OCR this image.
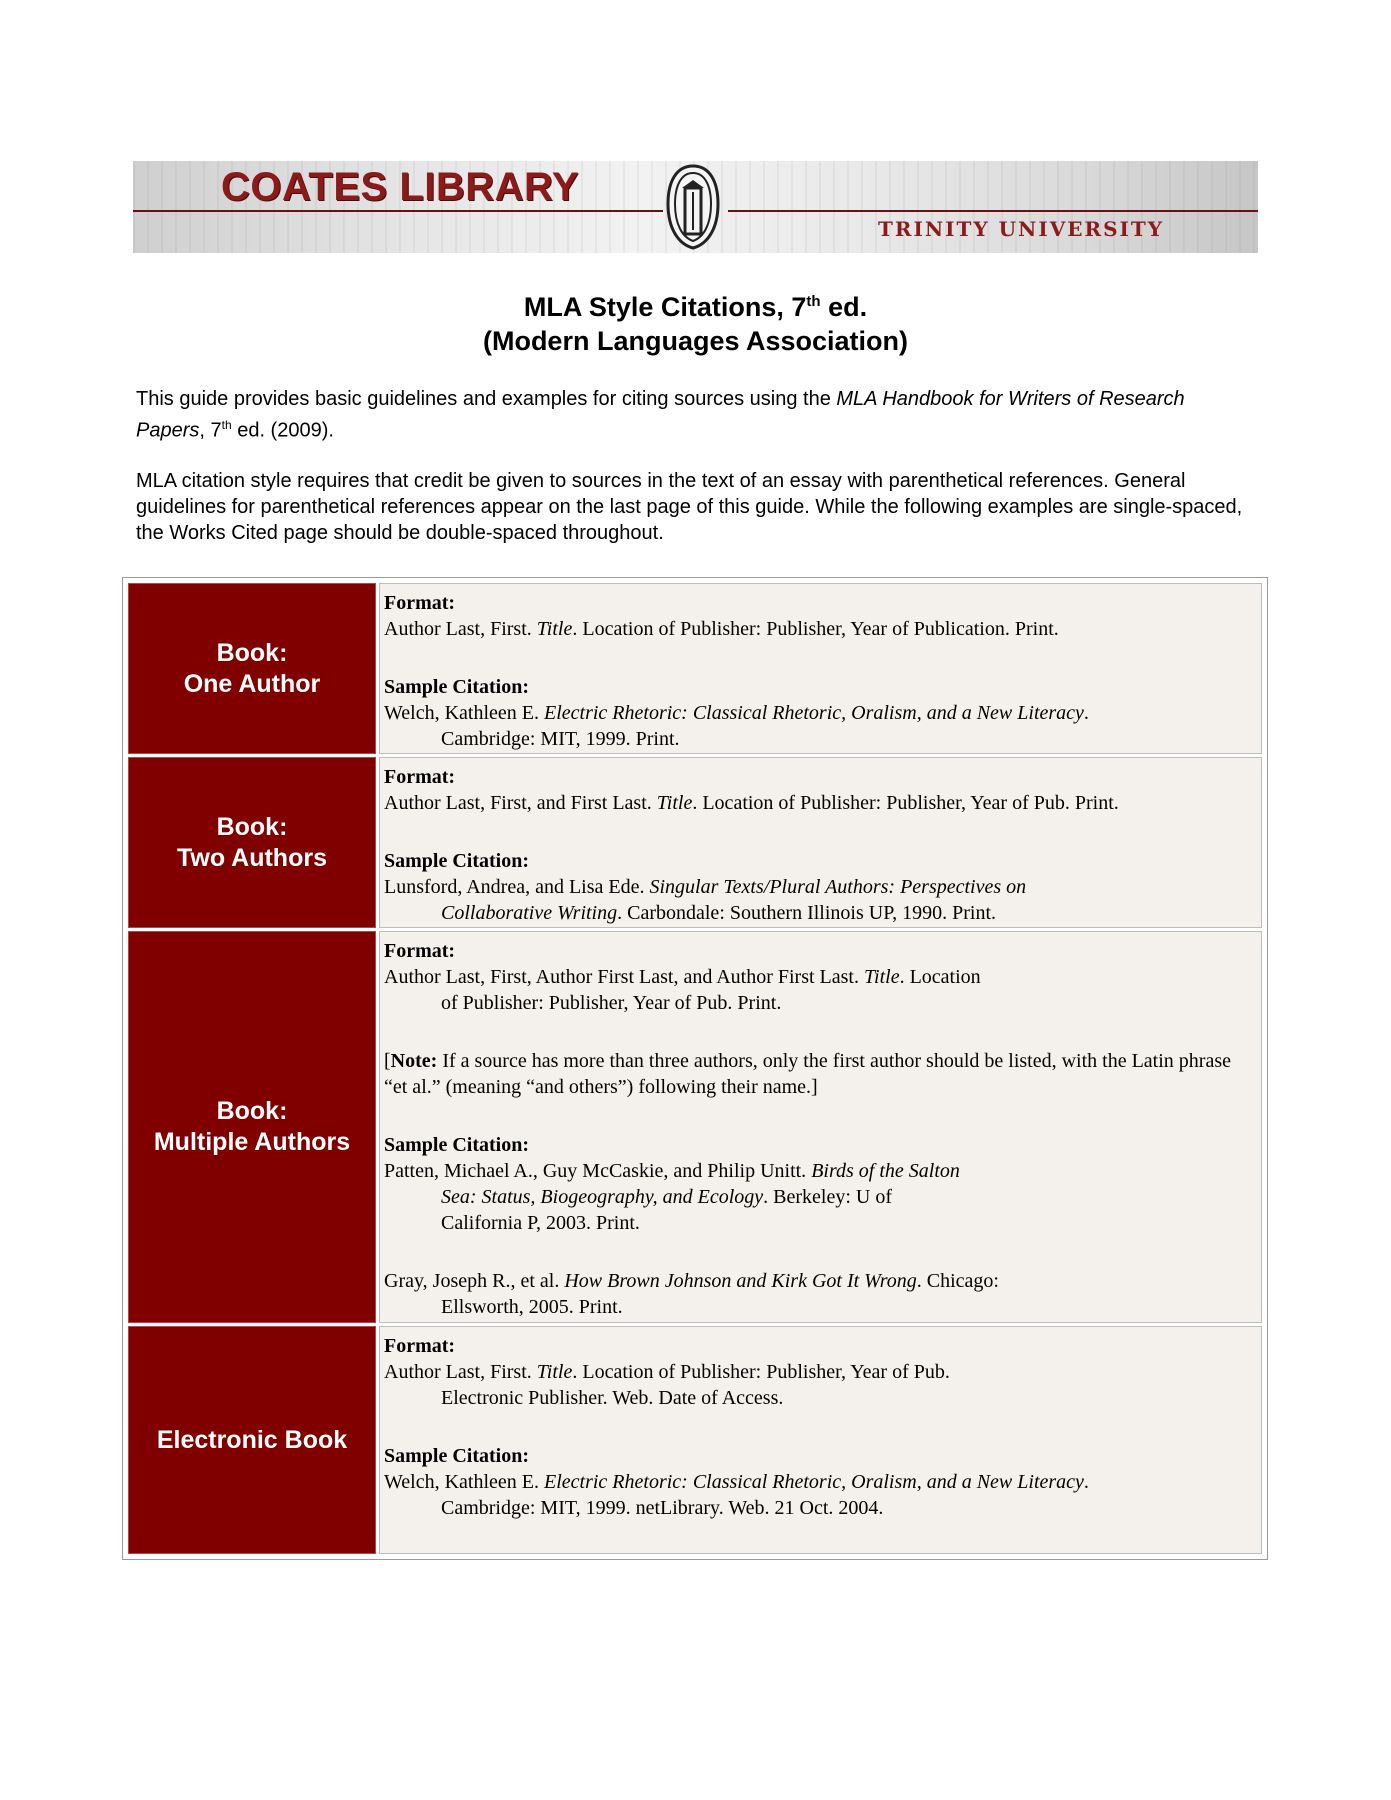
COATES LIBRARY
TRINITY UNIVERSITY
MLA Style Citations, 7th ed.
(Modern Languages Association)
This guide provides basic guidelines and examples for citing sources using the MLA Handbook for Writers of Research Papers, 7th ed. (2009).
MLA citation style requires that credit be given to sources in the text of an essay with parenthetical references. General guidelines for parenthetical references appear on the last page of this guide. While the following examples are single-spaced, the Works Cited page should be double-spaced throughout.
Book:
One Author
Format:
Author Last, First. Title. Location of Publisher: Publisher, Year of Publication. Print.
Sample Citation:
Welch, Kathleen E. Electric Rhetoric: Classical Rhetoric, Oralism, and a New Literacy.
Cambridge: MIT, 1999. Print.
Book:
Two Authors
Format:
Author Last, First, and First Last. Title. Location of Publisher: Publisher, Year of Pub. Print.
Sample Citation:
Lunsford, Andrea, and Lisa Ede. Singular Texts/Plural Authors: Perspectives on
Collaborative Writing. Carbondale: Southern Illinois UP, 1990. Print.
Book:
Multiple Authors
Format:
Author Last, First, Author First Last, and Author First Last. Title. Location
of Publisher: Publisher, Year of Pub. Print.
[Note: If a source has more than three authors, only the first author should be listed, with the Latin phrase “et al.” (meaning “and others”) following their name.]
Sample Citation:
Patten, Michael A., Guy McCaskie, and Philip Unitt. Birds of the Salton
Sea: Status, Biogeography, and Ecology. Berkeley: U of
California P, 2003. Print.
Gray, Joseph R., et al. How Brown Johnson and Kirk Got It Wrong. Chicago:
Ellsworth, 2005. Print.
Electronic Book
Format:
Author Last, First. Title. Location of Publisher: Publisher, Year of Pub.
Electronic Publisher. Web. Date of Access.
Sample Citation:
Welch, Kathleen E. Electric Rhetoric: Classical Rhetoric, Oralism, and a New Literacy.
Cambridge: MIT, 1999. netLibrary. Web. 21 Oct. 2004.
